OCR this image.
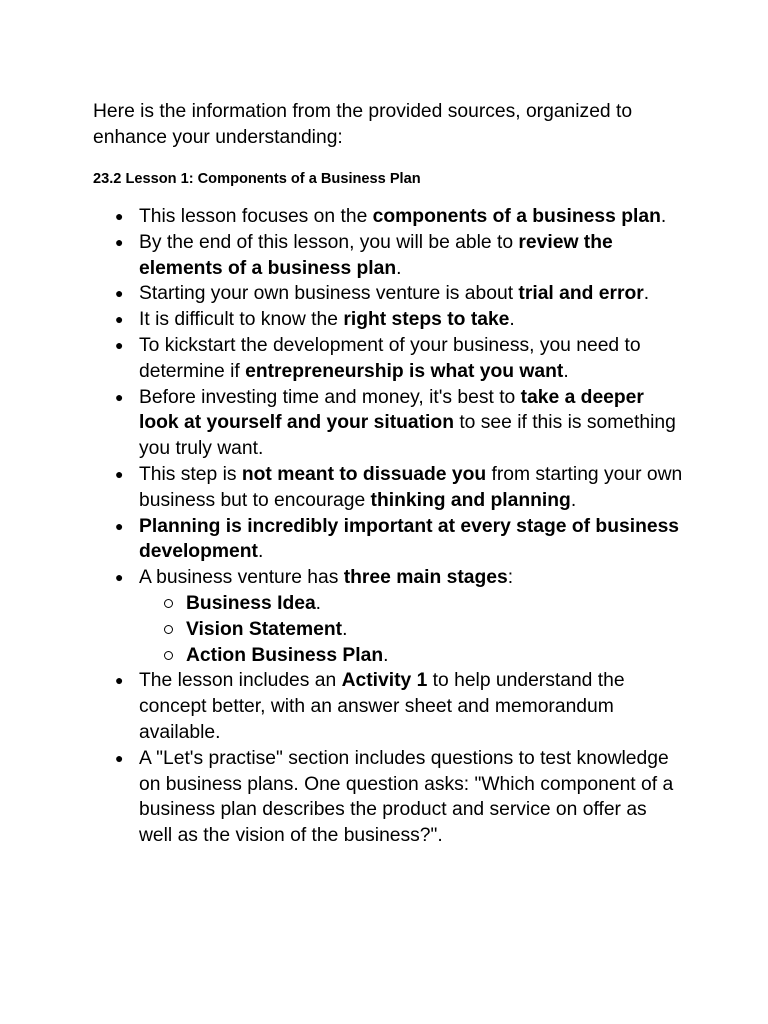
Here is the information from the provided sources, organized to enhance your understanding:

23.2 Lesson 1: Components of a Business Plan

● This lesson focuses on the components of a business plan.
● By the end of this lesson, you will be able to review the elements of a business plan.
● Starting your own business venture is about trial and error.
● It is difficult to know the right steps to take.
● To kickstart the development of your business, you need to determine if entrepreneurship is what you want.
● Before investing time and money, it's best to take a deeper look at yourself and your situation to see if this is something you truly want.
● This step is not meant to dissuade you from starting your own business but to encourage thinking and planning.
● Planning is incredibly important at every stage of business development.
● A business venture has three main stages:
Business Idea.
Vision Statement.
Action Business Plan.
● The lesson includes an Activity 1 to help understand the concept better, with an answer sheet and memorandum available.
● A "Let's practise" section includes questions to test knowledge on business plans. One question asks: "Which component of a business plan describes the product and service on offer as well as the vision of the business?".
